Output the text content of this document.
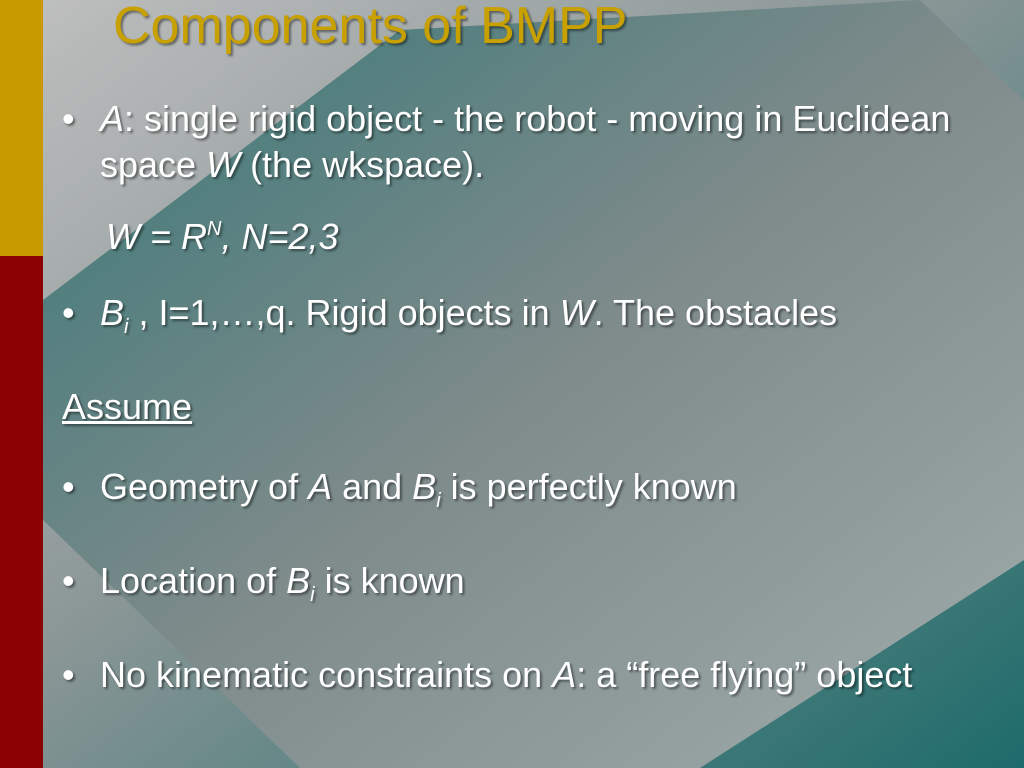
Components of BMPP
• A: single rigid object - the robot - moving in Euclidean space W (the wkspace).
$W = R^N$, N=2,3
• $B_i$ , I=1,…,q. Rigid objects in W. The obstacles
Assume
• Geometry of A and $B_i$ is perfectly known
• Location of $B_i$ is known
• No kinematic constraints on A: a “free flying” object
